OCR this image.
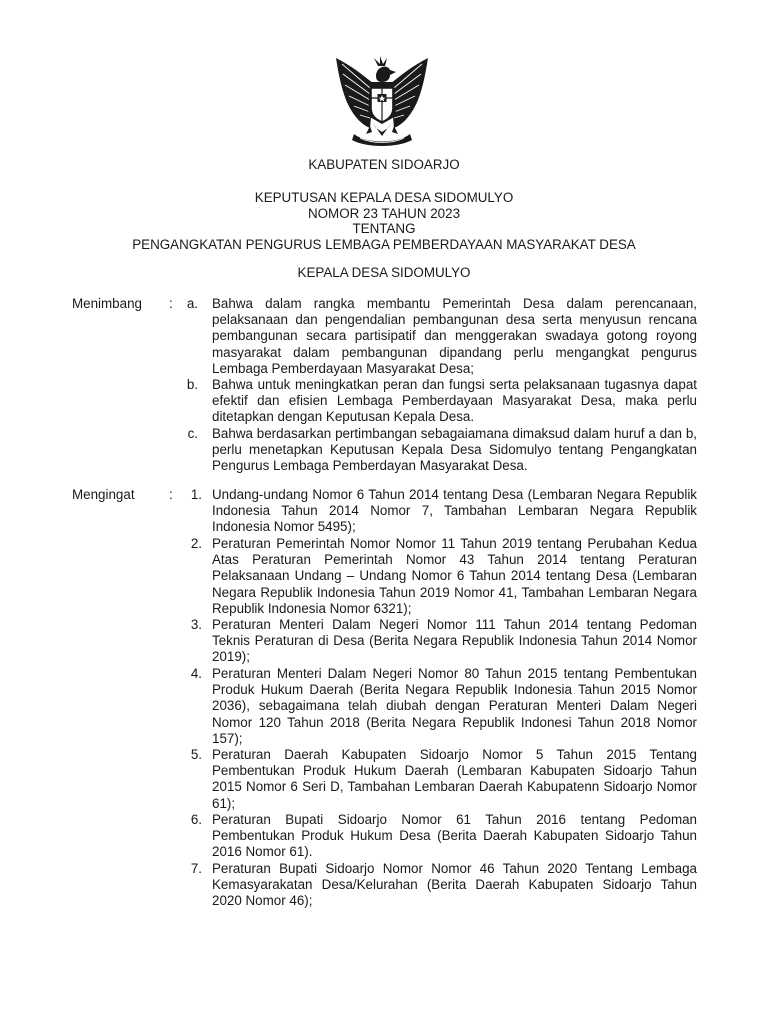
KABUPATEN SIDOARJO
KEPUTUSAN KEPALA DESA SIDOMULYO
NOMOR 23 TAHUN 2023
TENTANG
PENGANGKATAN PENGURUS LEMBAGA PEMBERDAYAAN MASYARAKAT DESA
KEPALA DESA SIDOMULYO
Menimbang :	a. Bahwa dalam rangka membantu Pemerintah Desa dalam perencanaan, pelaksanaan dan pengendalian pembangunan desa serta menyusun rencana pembangunan secara partisipatif dan menggerakan swadaya gotong royong masyarakat dalam pembangunan dipandang perlu mengangkat pengurus Lembaga Pemberdayaan Masyarakat Desa;
b. Bahwa untuk meningkatkan peran dan fungsi serta pelaksanaan tugasnya dapat efektif dan efisien Lembaga Pemberdayaan Masyarakat Desa, maka perlu ditetapkan dengan Keputusan Kepala Desa.
c. Bahwa berdasarkan pertimbangan sebagaiamana dimaksud dalam huruf a dan b, perlu menetapkan Keputusan Kepala Desa Sidomulyo tentang Pengangkatan Pengurus Lembaga Pemberdayan Masyarakat Desa.
Mengingat	:	1. Undang-undang Nomor 6 Tahun 2014 tentang Desa (Lembaran Negara Republik Indonesia Tahun 2014 Nomor 7, Tambahan Lembaran Negara Republik Indonesia Nomor 5495);
2. Peraturan Pemerintah Nomor Nomor 11 Tahun 2019 tentang Perubahan Kedua Atas Peraturan Pemerintah Nomor 43 Tahun 2014 tentang Peraturan Pelaksanaan Undang – Undang Nomor 6 Tahun 2014 tentang Desa (Lembaran Negara Republik Indonesia Tahun 2019 Nomor 41, Tambahan Lembaran Negara Republik Indonesia Nomor 6321);
3. Peraturan Menteri Dalam Negeri Nomor 111 Tahun 2014 tentang Pedoman Teknis Peraturan di Desa (Berita Negara Republik Indonesia Tahun 2014 Nomor 2019);
4. Peraturan Menteri Dalam Negeri Nomor 80 Tahun 2015 tentang Pembentukan Produk Hukum Daerah (Berita Negara Republik Indonesia Tahun 2015 Nomor 2036), sebagaimana telah diubah dengan Peraturan Menteri Dalam Negeri Nomor 120 Tahun 2018 (Berita Negara Republik Indonesi Tahun 2018 Nomor 157);
5. Peraturan Daerah Kabupaten Sidoarjo Nomor 5 Tahun 2015 Tentang Pembentukan Produk Hukum Daerah (Lembaran Kabupaten Sidoarjo Tahun 2015 Nomor 6 Seri D, Tambahan Lembaran Daerah Kabupatenn Sidoarjo Nomor 61);
6. Peraturan Bupati Sidoarjo Nomor 61 Tahun 2016 tentang Pedoman Pembentukan Produk Hukum Desa (Berita Daerah Kabupaten Sidoarjo Tahun 2016 Nomor 61).
7. Peraturan Bupati Sidoarjo Nomor Nomor 46 Tahun 2020 Tentang Lembaga Kemasyarakatan Desa/Kelurahan (Berita Daerah Kabupaten Sidoarjo Tahun 2020 Nomor 46);
